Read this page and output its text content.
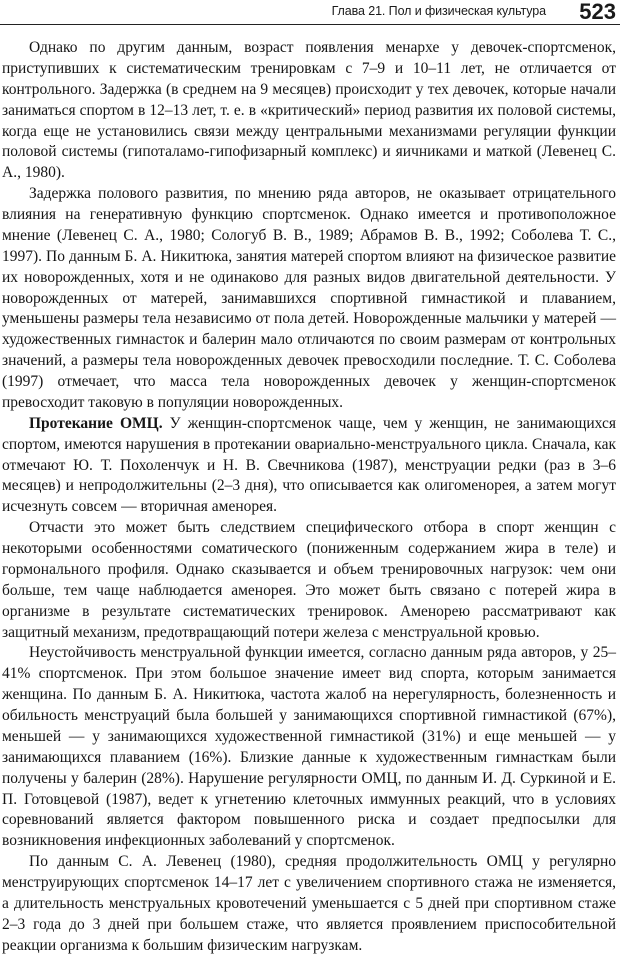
Глава 21. Пол и физическая культура 523

Однако по другим данным, возраст появления менархе у девочек-спортсменок, приступивших к систематическим тренировкам с 7–9 и 10–11 лет, не отличается от контрольного. Задержка (в среднем на 9 месяцев) происходит у тех девочек, которые начали заниматься спортом в 12–13 лет, т. е. в «критический» период развития их половой системы, когда еще не установились связи между центральными механизмами регуляции функции половой системы (гипоталамо-гипофизарный комплекс) и яичниками и маткой (Левенец С. А., 1980).

Задержка полового развития, по мнению ряда авторов, не оказывает отрицательного влияния на генеративную функцию спортсменок. Однако имеется и противоположное мнение (Левенец С. А., 1980; Сологуб В. В., 1989; Абрамов В. В., 1992; Соболева Т. С., 1997). По данным Б. А. Никитюка, занятия матерей спортом влияют на физическое развитие их новорожденных, хотя и не одинаково для разных видов двигательной деятельности. У новорожденных от матерей, занимавшихся спортивной гимнастикой и плаванием, уменьшены размеры тела независимо от пола детей. Новорожденные мальчики у матерей — художественных гимнасток и балерин мало отличаются по своим размерам от контрольных значений, а размеры тела новорожденных девочек превосходили последние. Т. С. Соболева (1997) отмечает, что масса тела новорожденных девочек у женщин-спортсменок превосходит таковую в популяции новорожденных.

Протекание ОМЦ. У женщин-спортсменок чаще, чем у женщин, не занимающихся спортом, имеются нарушения в протекании овариально-менструального цикла. Сначала, как отмечают Ю. Т. Похоленчук и Н. В. Свечникова (1987), менструации редки (раз в 3–6 месяцев) и непродолжительны (2–3 дня), что описывается как олигоменорея, а затем могут исчезнуть совсем — вторичная аменорея.

Отчасти это может быть следствием специфического отбора в спорт женщин с некоторыми особенностями соматического (пониженным содержанием жира в теле) и гормонального профиля. Однако сказывается и объем тренировочных нагрузок: чем они больше, тем чаще наблюдается аменорея. Это может быть связано с потерей жира в организме в результате систематических тренировок. Аменорею рассматривают как защитный механизм, предотвращающий потери железа с менструальной кровью.

Неустойчивость менструальной функции имеется, согласно данным ряда авторов, у 25–41% спортсменок. При этом большое значение имеет вид спорта, которым занимается женщина. По данным Б. А. Никитюка, частота жалоб на нерегулярность, болезненность и обильность менструаций была большей у занимающихся спортивной гимнастикой (67%), меньшей — у занимающихся художественной гимнастикой (31%) и еще меньшей — у занимающихся плаванием (16%). Близкие данные к художественным гимнасткам были получены у балерин (28%). Нарушение регулярности ОМЦ, по данным И. Д. Суркиной и Е. П. Готовцевой (1987), ведет к угнетению клеточных иммунных реакций, что в условиях соревнований является фактором повышенного риска и создает предпосылки для возникновения инфекционных заболеваний у спортсменок.

По данным С. А. Левенец (1980), средняя продолжительность ОМЦ у регулярно менструирующих спортсменок 14–17 лет с увеличением спортивного стажа не изменяется, а длительность менструальных кровотечений уменьшается с 5 дней при спортивном стаже 2–3 года до 3 дней при большем стаже, что является проявлением приспособительной реакции организма к большим физическим нагрузкам.
